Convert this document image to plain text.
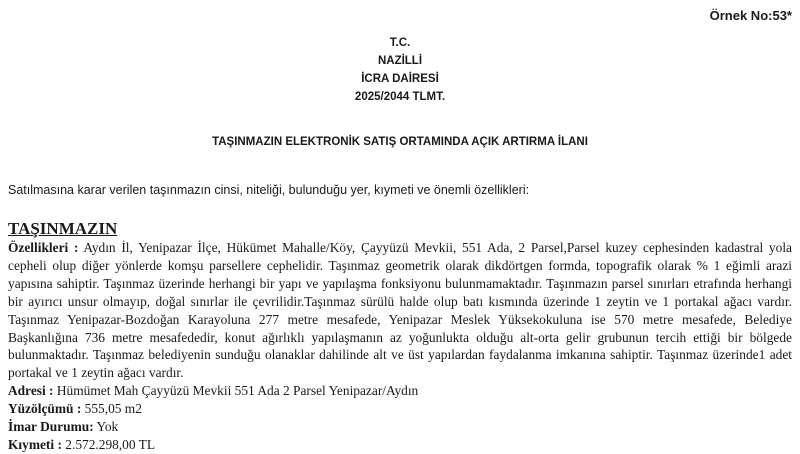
Örnek No:53*
T.C.
NAZİLLİ
İCRA DAİRESİ
2025/2044 TLMT.
TAŞINMAZIN ELEKTRONİK SATIŞ ORTAMINDA AÇIK ARTIRMA İLANI
Satılmasına karar verilen taşınmazın cinsi, niteliği, bulunduğu yer, kıymeti ve önemli özellikleri:
TAŞINMAZIN
Özellikleri : Aydın İl, Yenipazar İlçe, Hükümet Mahalle/Köy, Çayyüzü Mevkii, 551 Ada, 2 Parsel,Parsel kuzey cephesinden kadastral yola cepheli olup diğer yönlerde komşu parsellere cephelidir. Taşınmaz geometrik olarak dikdörtgen formda, topografik olarak % 1 eğimli arazi yapısına sahiptir. Taşınmaz üzerinde herhangi bir yapı ve yapılaşma fonksiyonu bulunmamaktadır. Taşınmazın parsel sınırları etrafında herhangi bir ayırıcı unsur olmayıp, doğal sınırlar ile çevrilidir.Taşınmaz sürülü halde olup batı kısmında üzerinde 1 zeytin ve 1 portakal ağacı vardır. Taşınmaz Yenipazar-Bozdoğan Karayoluna 277 metre mesafede, Yenipazar Meslek Yüksekokuluna ise 570 metre mesafede, Belediye Başkanlığına 736 metre mesafededir, konut ağırlıklı yapılaşmanın az yoğunlukta olduğu alt-orta gelir grubunun tercih ettiği bir bölgede bulunmaktadır. Taşınmaz belediyenin sunduğu olanaklar dahilinde alt ve üst yapılardan faydalanma imkanına sahiptir. Taşınmaz üzerinde1 adet portakal ve 1 zeytin ağacı vardır.
Adresi : Hümümet Mah Çayyüzü Mevkii 551 Ada 2 Parsel Yenipazar/Aydın
Yüzölçümü : 555,05 m2
İmar Durumu: Yok
Kıymeti : 2.572.298,00 TL
